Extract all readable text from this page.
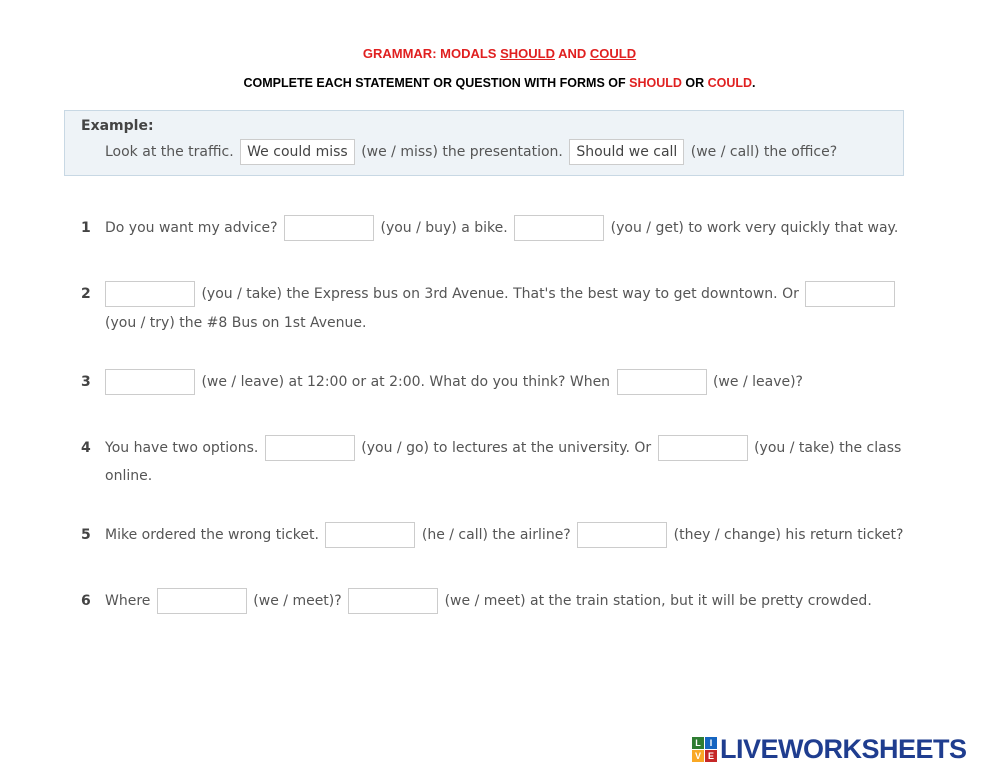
GRAMMAR: MODALS SHOULD AND COULD
COMPLETE EACH STATEMENT OR QUESTION WITH FORMS OF SHOULD OR COULD.
Example:
Look at the traffic. We could miss (we / miss) the presentation. Should we call (we / call) the office?
1 Do you want my advice?	(you / buy) a bike.	(you / get) to work very quickly that way.
2	(you / take) the Express bus on 3rd Avenue. That's the best way to get downtown. Or
(you / try) the #8 Bus on 1st Avenue.
3	(we / leave) at 12:00 or at 2:00. What do you think? When	(we / leave)?
4 You have two options.	(you / go) to lectures at the university. Or	(you / take) the class
online.
5 Mike ordered the wrong ticket.	(he / call) the airline?	(they / change) his return ticket?
6 Where	(we / meet)?	(we / meet) at the train station, but it will be pretty crowded.
L I
V E LIVEWORKSHEETS
